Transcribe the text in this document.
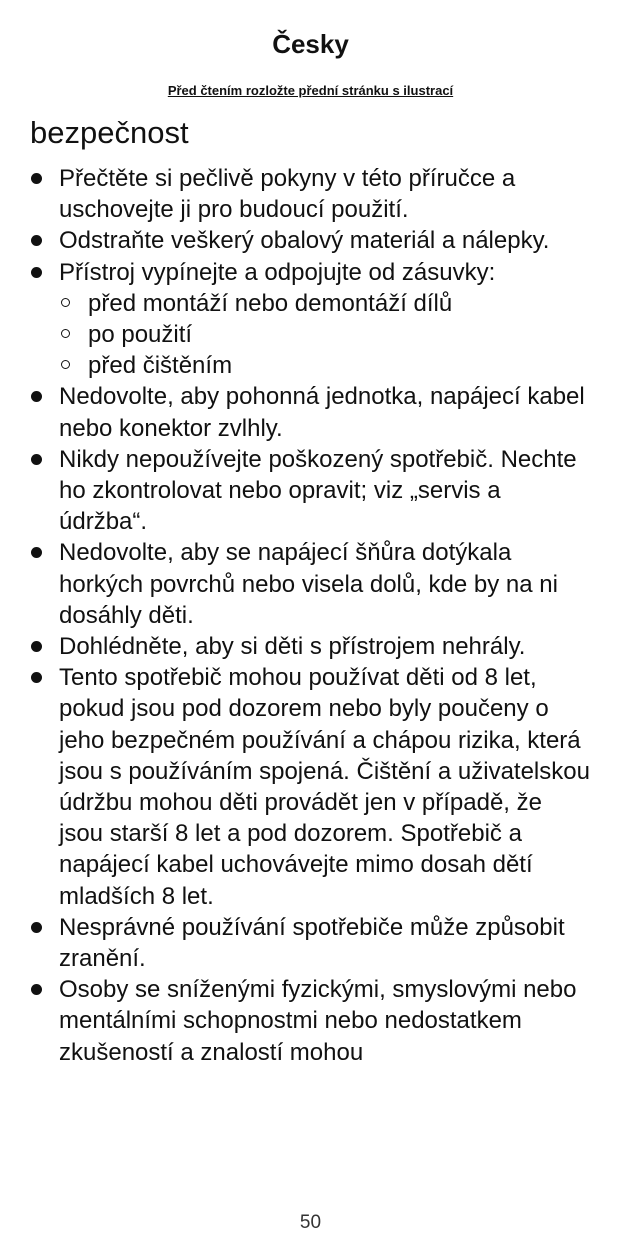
Česky
Před čtením rozložte přední stránku s ilustrací
bezpečnost
Přečtěte si pečlivě pokyny v této příručce a uschovejte ji pro budoucí použití.
Odstraňte veškerý obalový materiál a nálepky.
Přístroj vypínejte a odpojujte od zásuvky:
před montáží nebo demontáží dílů
po použití
před čištěním
Nedovolte, aby pohonná jednotka, napájecí kabel nebo konektor zvlhly.
Nikdy nepoužívejte poškozený spotřebič. Nechte ho zkontrolovat nebo opravit; viz „servis a údržba“.
Nedovolte, aby se napájecí šňůra dotýkala horkých povrchů nebo visela dolů, kde by na ni dosáhly děti.
Dohlédněte, aby si děti s přístrojem nehrály.
Tento spotřebič mohou používat děti od 8 let, pokud jsou pod dozorem nebo byly poučeny o jeho bezpečném používání a chápou rizika, která jsou s používáním spojená. Čištění a uživatelskou údržbu mohou děti provádět jen v případě, že jsou starší 8 let a pod dozorem. Spotřebič a napájecí kabel uchovávejte mimo dosah dětí mladších 8 let.
Nesprávné používání spotřebiče může způsobit zranění.
Osoby se sníženými fyzickými, smyslovými nebo mentálními schopnostmi nebo nedostatkem zkušeností a znalostí mohou
50
